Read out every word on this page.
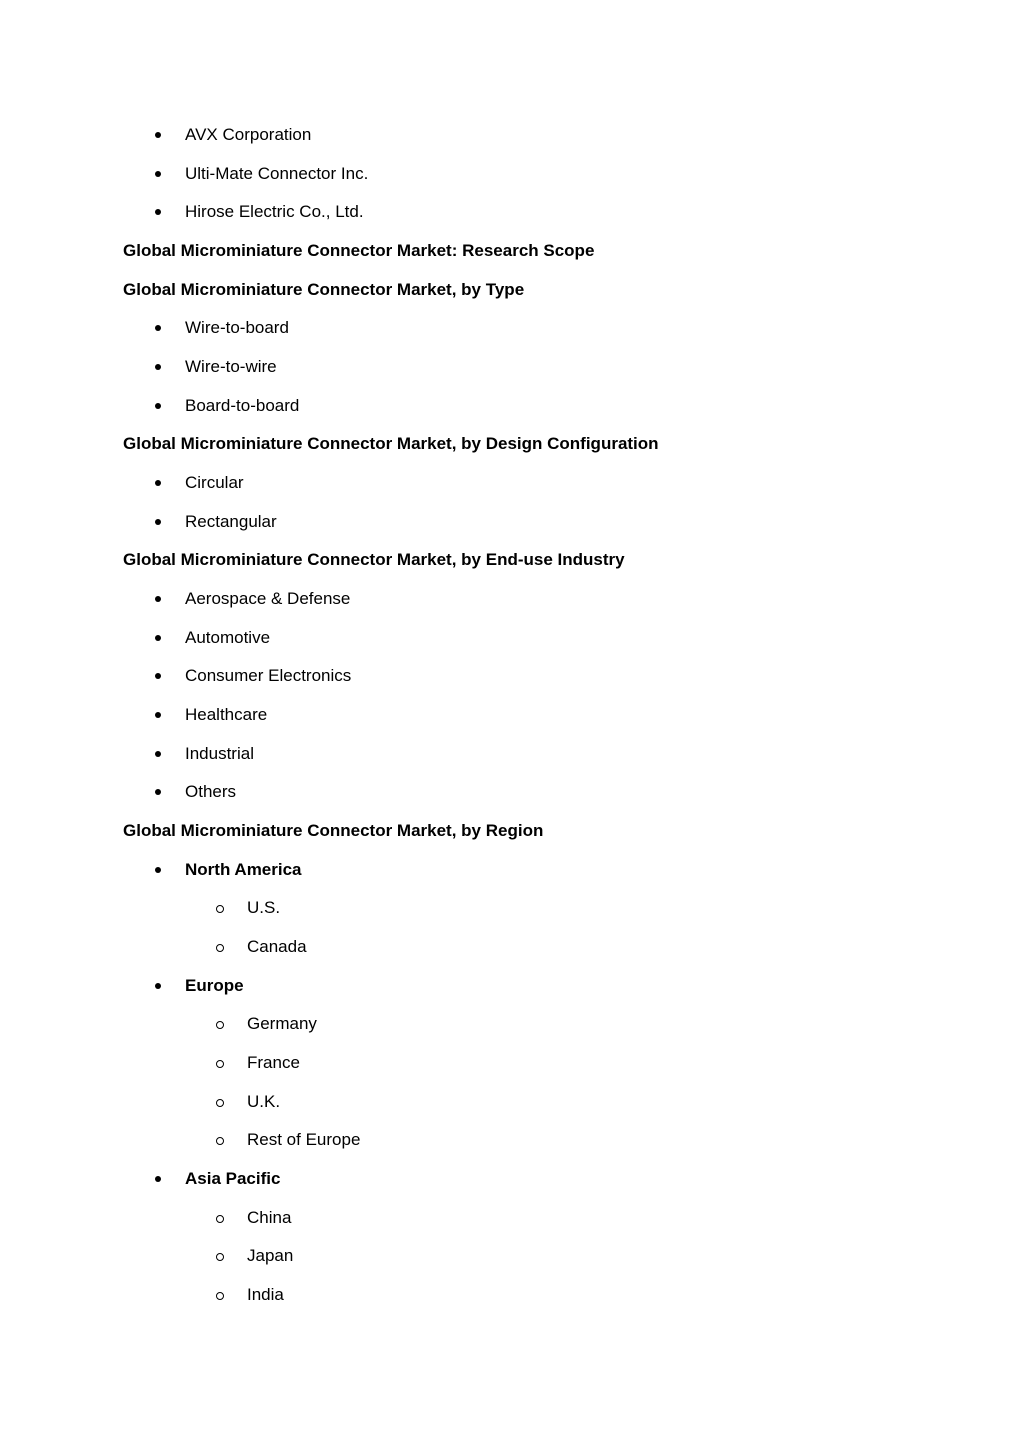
AVX Corporation
Ulti-Mate Connector Inc.
Hirose Electric Co., Ltd.
Global Microminiature Connector Market: Research Scope
Global Microminiature Connector Market, by Type
Wire-to-board
Wire-to-wire
Board-to-board
Global Microminiature Connector Market, by Design Configuration
Circular
Rectangular
Global Microminiature Connector Market, by End-use Industry
Aerospace & Defense
Automotive
Consumer Electronics
Healthcare
Industrial
Others
Global Microminiature Connector Market, by Region
North America
U.S.
Canada
Europe
Germany
France
U.K.
Rest of Europe
Asia Pacific
China
Japan
India
